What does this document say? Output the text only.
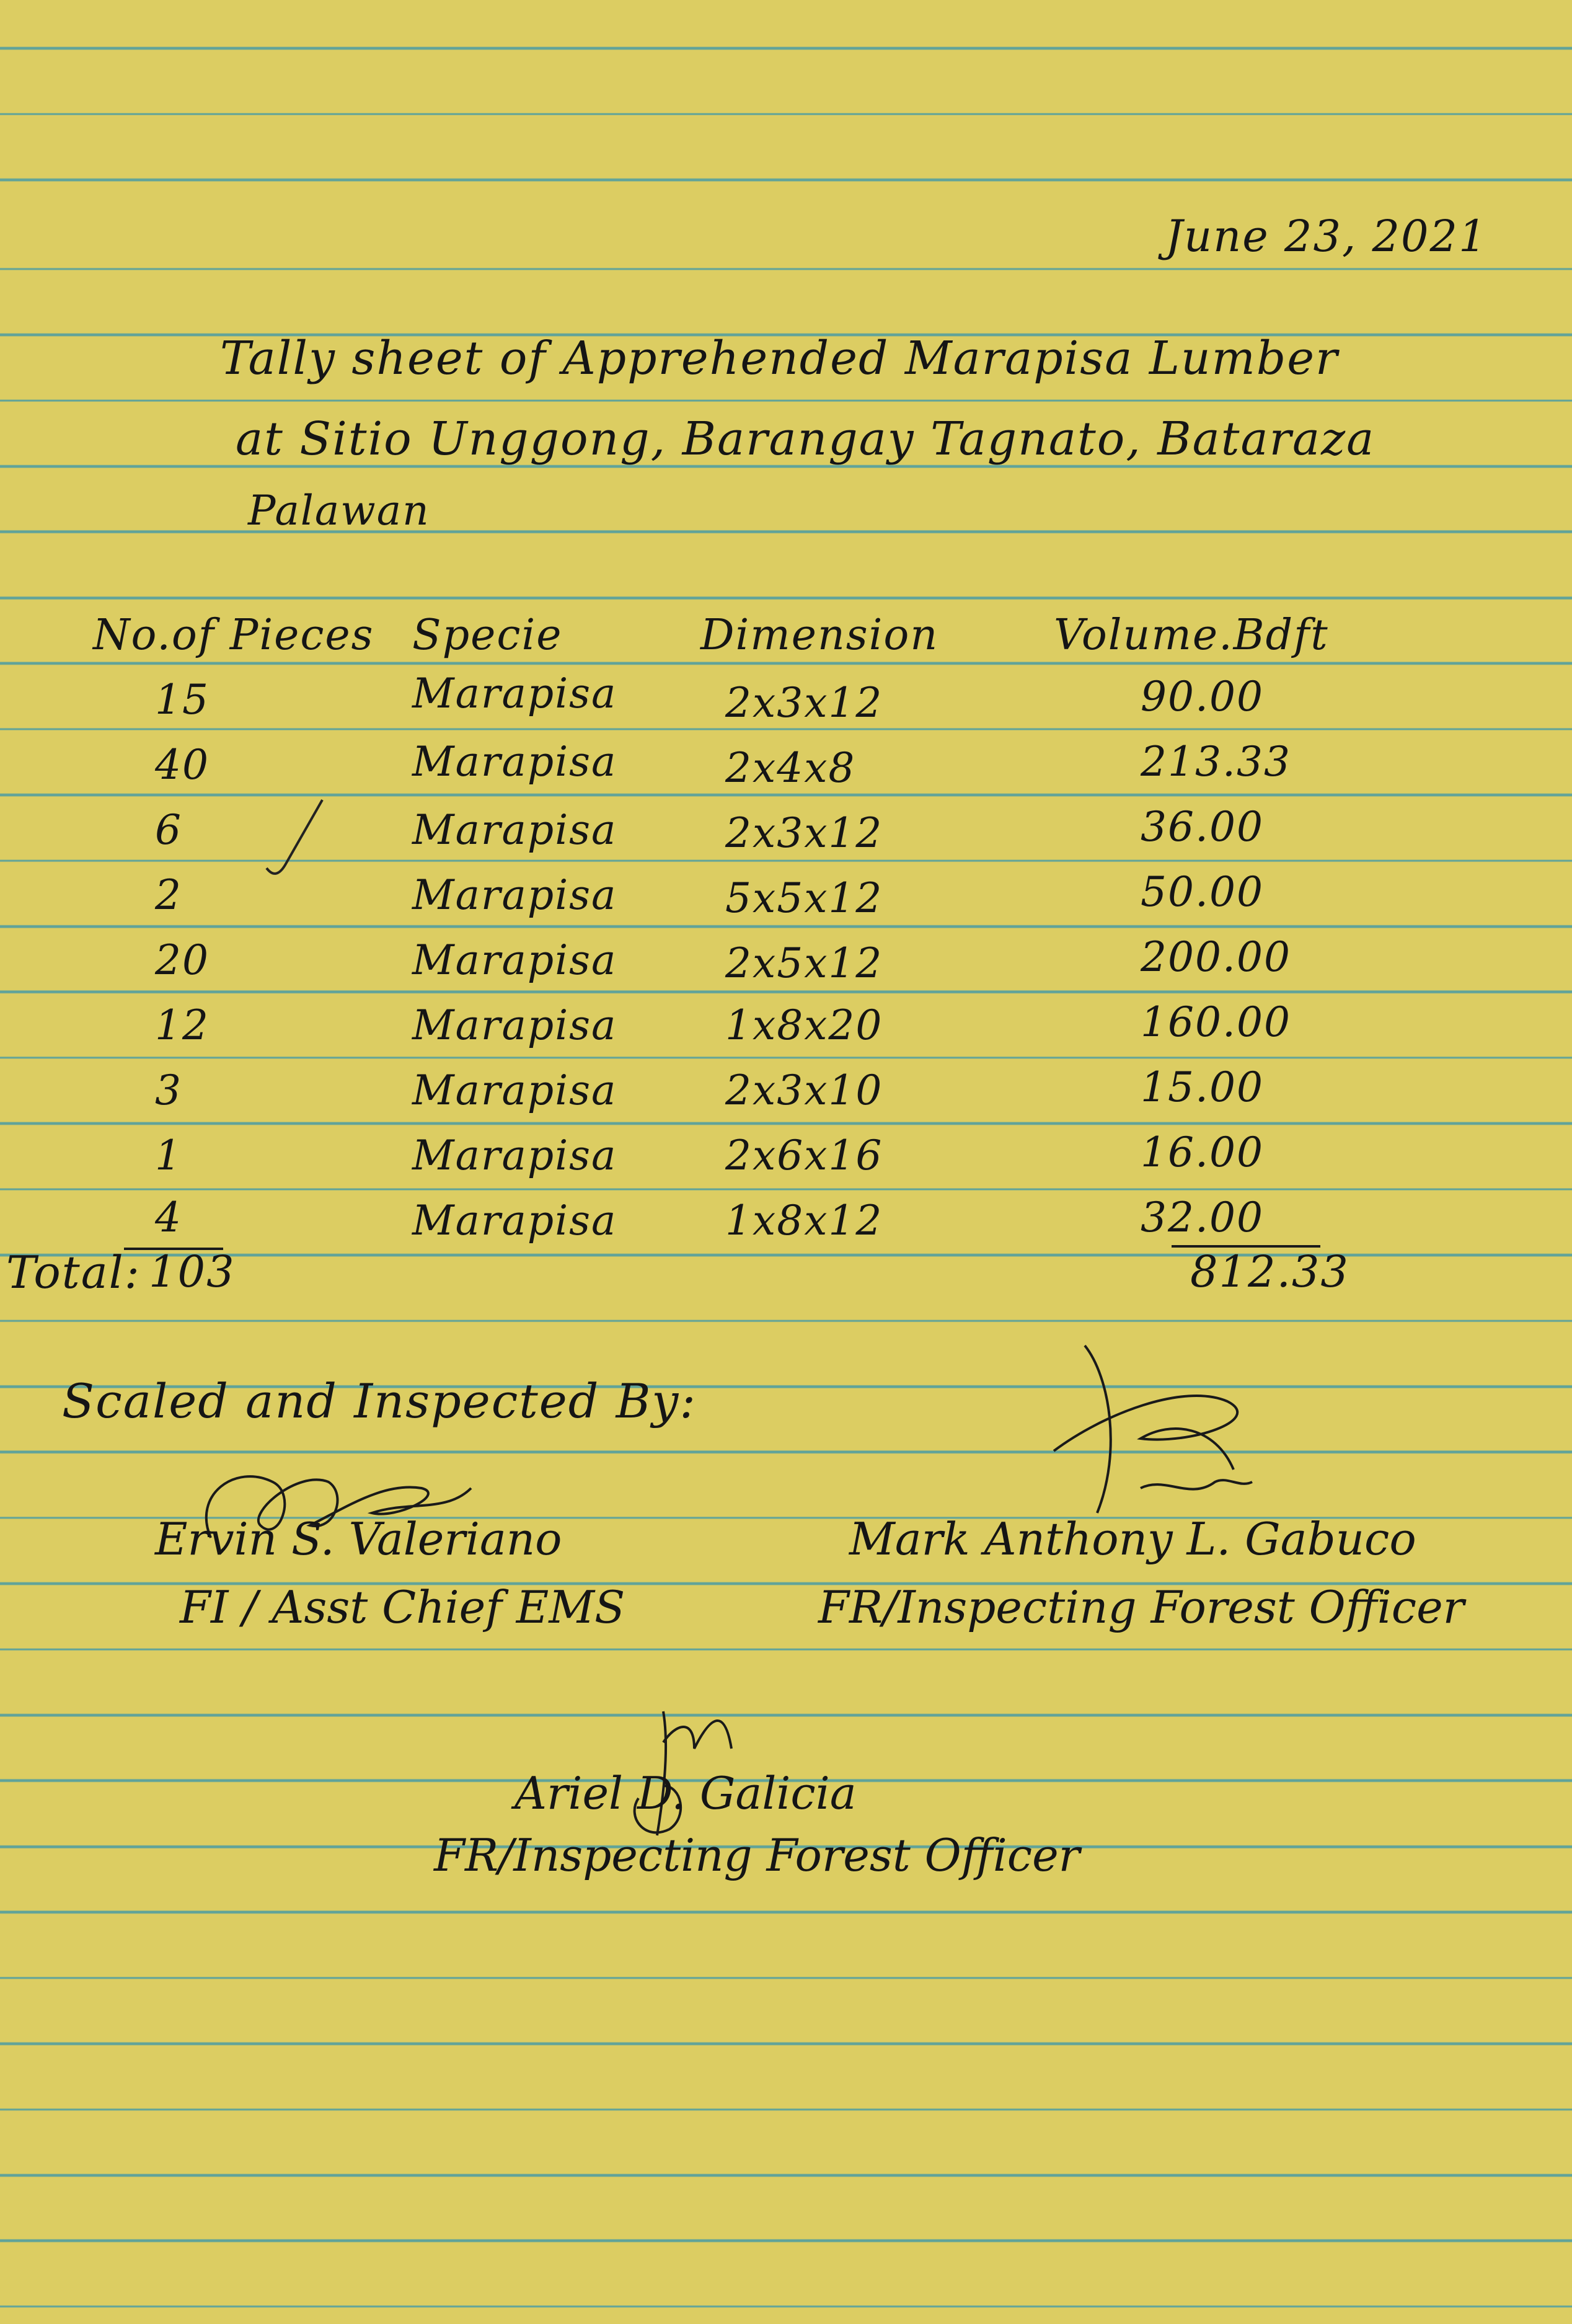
June 23, 2021
Tally sheet of Apprehended Marapisa Lumber
at Sitio Unggong, Barangay Tagnato, Bataraza
Palawan
No.of Pieces Specie	Dimension	Volume.Bdft
15	Marapisa	2x3x12	90.00
40	Marapisa	2x4x8	213.33
6	Marapisa	2x3x12	36.00
2	Marapisa	5x5x12	50.00
20	Marapisa	2x5x12	200.00
12	Marapisa	1x8x20	160.00
3	Marapisa	2x3x10	15.00
1	Marapisa	2x6x16	16.00
4	Marapisa	1x8x12	32.00
Total: 103	812.33
Scaled and Inspected By:
Ervin S. Valeriano
FI / Asst Chief EMS
Mark Anthony L. Gabuco
FR/Inspecting Forest Officer
Ariel D. Galicia
FR/Inspecting Forest Officer
